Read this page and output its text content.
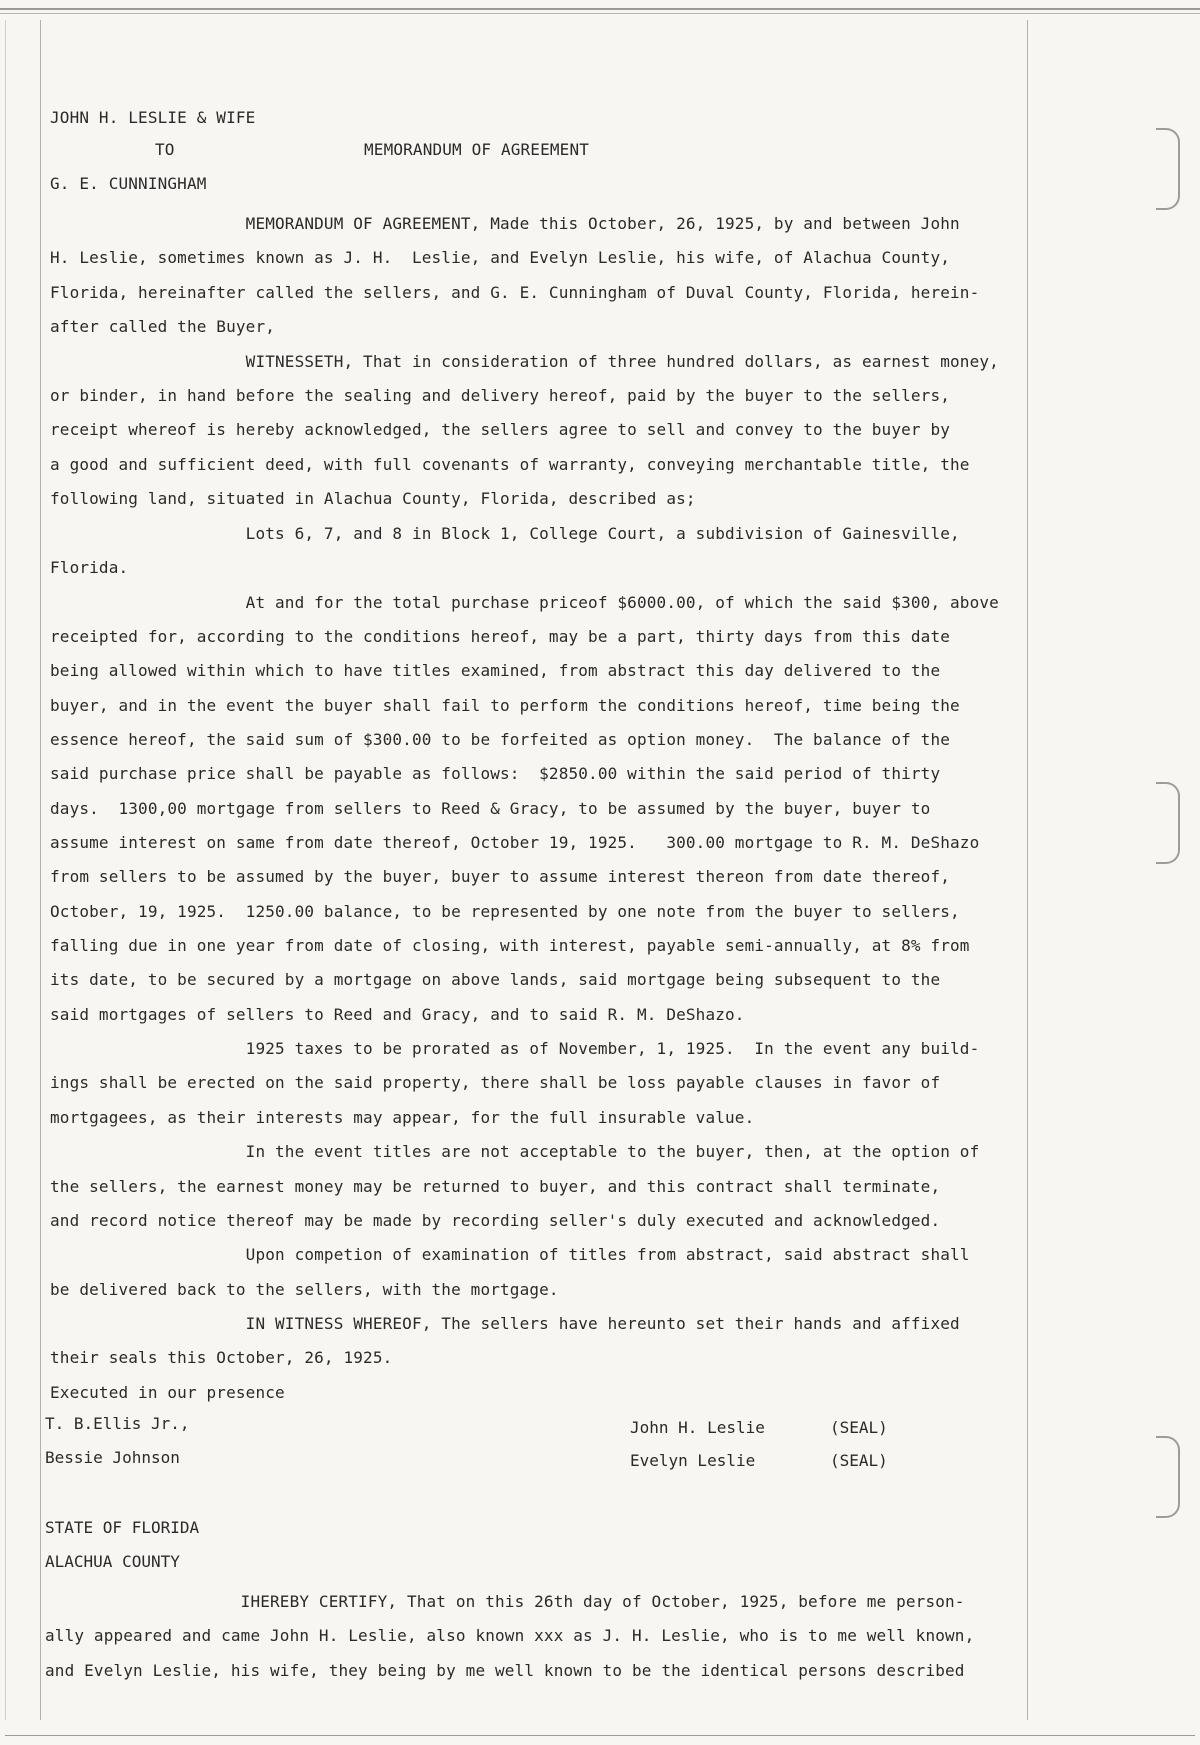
JOHN H. LESLIE & WIFE
TO	MEMORANDUM OF AGREEMENT
G. E. CUNNINGHAM
MEMORANDUM OF AGREEMENT, Made this October, 26, 1925, by and between John
H. Leslie, sometimes known as J. H.  Leslie, and Evelyn Leslie, his wife, of Alachua County,
Florida, hereinafter called the sellers, and G. E. Cunningham of Duval County, Florida, herein-
after called the Buyer,
WITNESSETH, That in consideration of three hundred dollars, as earnest money,
or binder, in hand before the sealing and delivery hereof, paid by the buyer to the sellers,
receipt whereof is hereby acknowledged, the sellers agree to sell and convey to the buyer by
a good and sufficient deed, with full covenants of warranty, conveying merchantable title, the
following land, situated in Alachua County, Florida, described as;
Lots 6, 7, and 8 in Block 1, College Court, a subdivision of Gainesville,
Florida.
At and for the total purchase priceof $6000.00, of which the said $300, above
receipted for, according to the conditions hereof, may be a part, thirty days from this date
being allowed within which to have titles examined, from abstract this day delivered to the
buyer, and in the event the buyer shall fail to perform the conditions hereof, time being the
essence hereof, the said sum of $300.00 to be forfeited as option money.  The balance of the
said purchase price shall be payable as follows:  $2850.00 within the said period of thirty
days.  1300,00 mortgage from sellers to Reed & Gracy, to be assumed by the buyer, buyer to
assume interest on same from date thereof, October 19, 1925.   300.00 mortgage to R. M. DeShazo
from sellers to be assumed by the buyer, buyer to assume interest thereon from date thereof,
October, 19, 1925.  1250.00 balance, to be represented by one note from the buyer to sellers,
falling due in one year from date of closing, with interest, payable semi-annually, at 8% from
its date, to be secured by a mortgage on above lands, said mortgage being subsequent to the
said mortgages of sellers to Reed and Gracy, and to said R. M. DeShazo.
1925 taxes to be prorated as of November, 1, 1925.  In the event any build-
ings shall be erected on the said property, there shall be loss payable clauses in favor of
mortgagees, as their interests may appear, for the full insurable value.
In the event titles are not acceptable to the buyer, then, at the option of
the sellers, the earnest money may be returned to buyer, and this contract shall terminate,
and record notice thereof may be made by recording seller's duly executed and acknowledged.
Upon competion of examination of titles from abstract, said abstract shall
be delivered back to the sellers, with the mortgage.
IN WITNESS WHEREOF, The sellers have hereunto set their hands and affixed
their seals this October, 26, 1925.
Executed in our presence
T. B.Ellis Jr.,
Bessie Johnson
John H. Leslie	(SEAL)
Evelyn Leslie	(SEAL)
STATE OF FLORIDA
ALACHUA COUNTY
IHEREBY CERTIFY, That on this 26th day of October, 1925, before me person-
ally appeared and came John H. Leslie, also known xxx as J. H. Leslie, who is to me well known,
and Evelyn Leslie, his wife, they being by me well known to be the identical persons described
